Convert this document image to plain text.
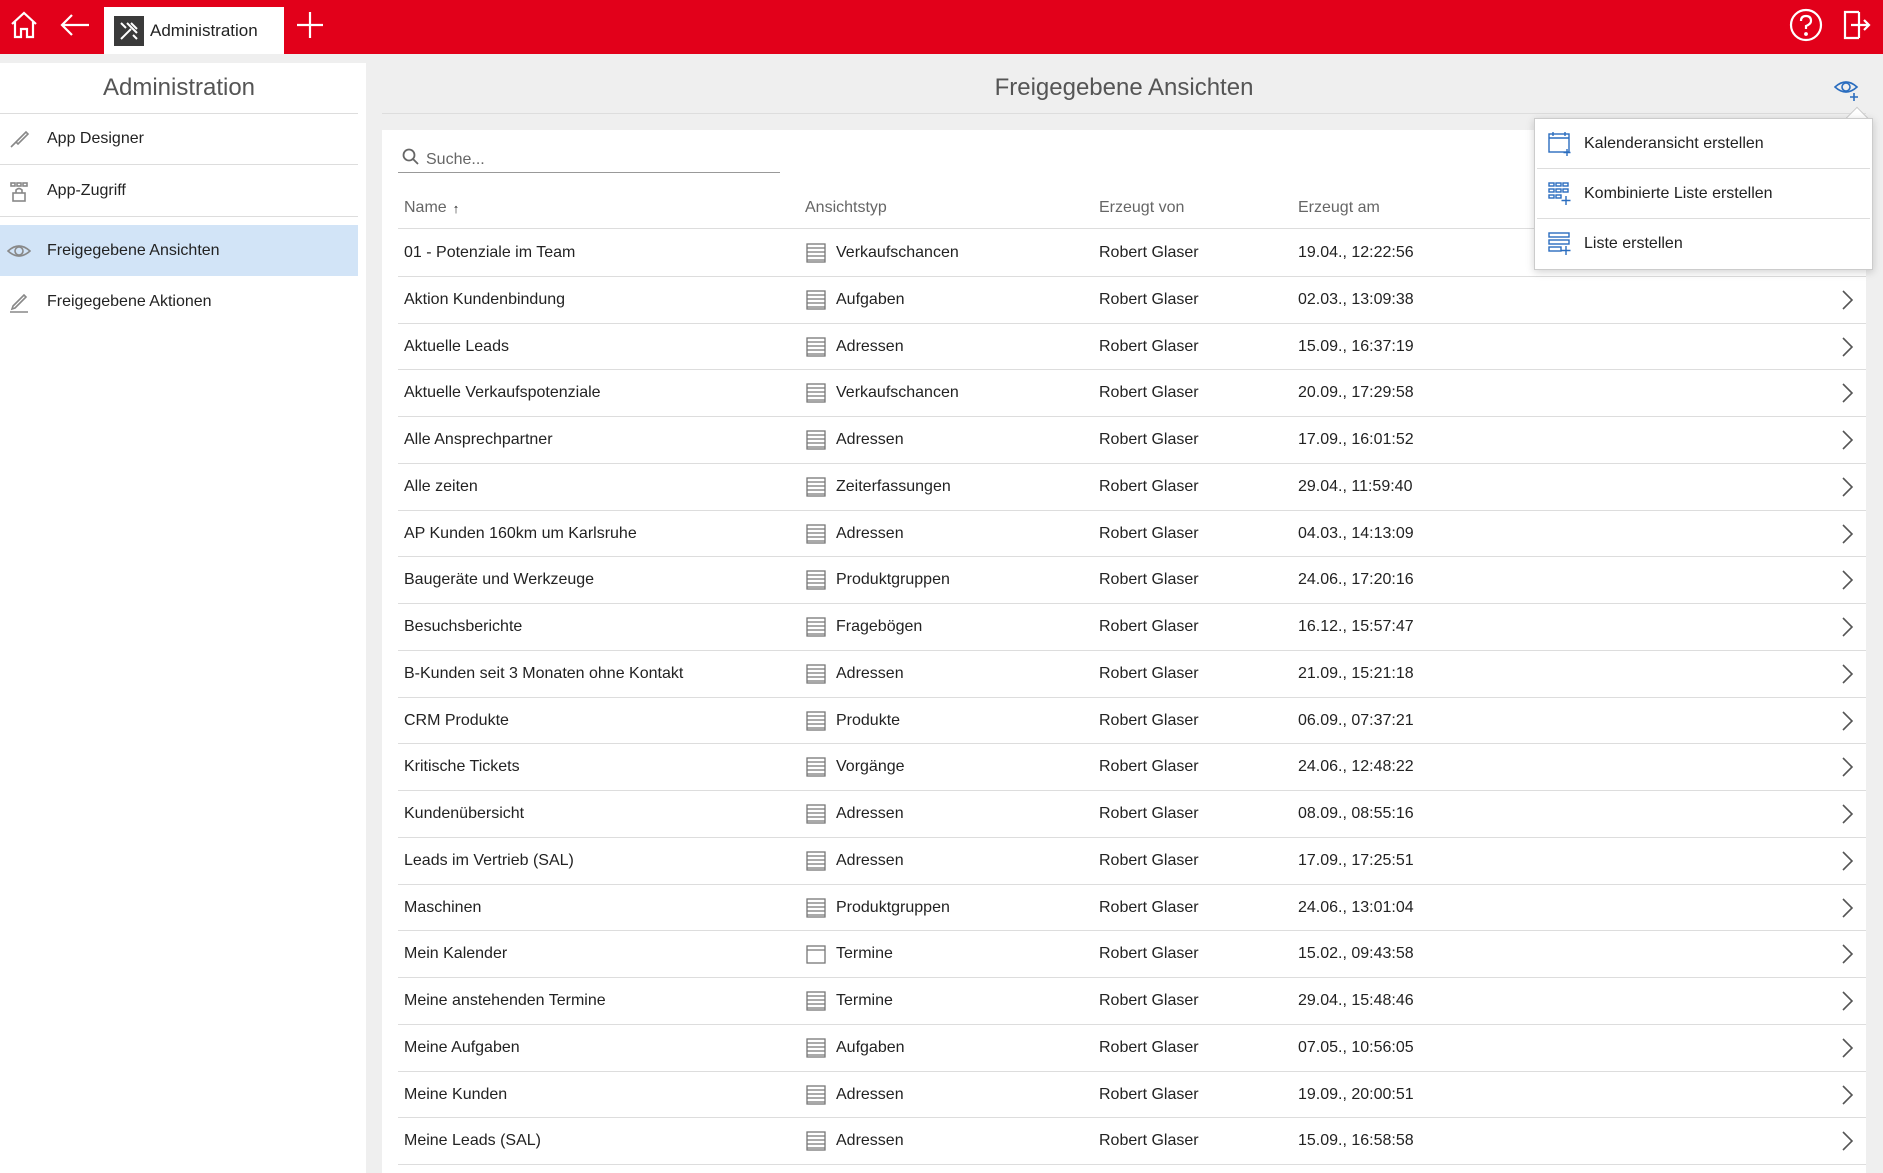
Administration
Administration
App Designer
App-Zugriff
Freigegebene Ansichten
Freigegebene Aktionen
Freigegebene Ansichten
Suche...
Name ↑	Ansichtstyp	Erzeugt von	Erzeugt am
01 - Potenziale im Team	Verkaufschancen	Robert Glaser	19.04., 12:22:56
Aktion Kundenbindung	Aufgaben	Robert Glaser	02.03., 13:09:38
Aktuelle Leads	Adressen	Robert Glaser	15.09., 16:37:19
Aktuelle Verkaufspotenziale	Verkaufschancen	Robert Glaser	20.09., 17:29:58
Alle Ansprechpartner	Adressen	Robert Glaser	17.09., 16:01:52
Alle zeiten	Zeiterfassungen	Robert Glaser	29.04., 11:59:40
AP Kunden 160km um Karlsruhe	Adressen	Robert Glaser	04.03., 14:13:09
Baugeräte und Werkzeuge	Produktgruppen	Robert Glaser	24.06., 17:20:16
Besuchsberichte	Fragebögen	Robert Glaser	16.12., 15:57:47
B-Kunden seit 3 Monaten ohne Kontakt	Adressen	Robert Glaser	21.09., 15:21:18
CRM Produkte	Produkte	Robert Glaser	06.09., 07:37:21
Kritische Tickets	Vorgänge	Robert Glaser	24.06., 12:48:22
Kundenübersicht	Adressen	Robert Glaser	08.09., 08:55:16
Leads im Vertrieb (SAL)	Adressen	Robert Glaser	17.09., 17:25:51
Maschinen	Produktgruppen	Robert Glaser	24.06., 13:01:04
Mein Kalender	Termine	Robert Glaser	15.02., 09:43:58
Meine anstehenden Termine	Termine	Robert Glaser	29.04., 15:48:46
Meine Aufgaben	Aufgaben	Robert Glaser	07.05., 10:56:05
Meine Kunden	Adressen	Robert Glaser	19.09., 20:00:51
Meine Leads (SAL)	Adressen	Robert Glaser	15.09., 16:58:58
Kalenderansicht erstellen
Kombinierte Liste erstellen
Liste erstellen
